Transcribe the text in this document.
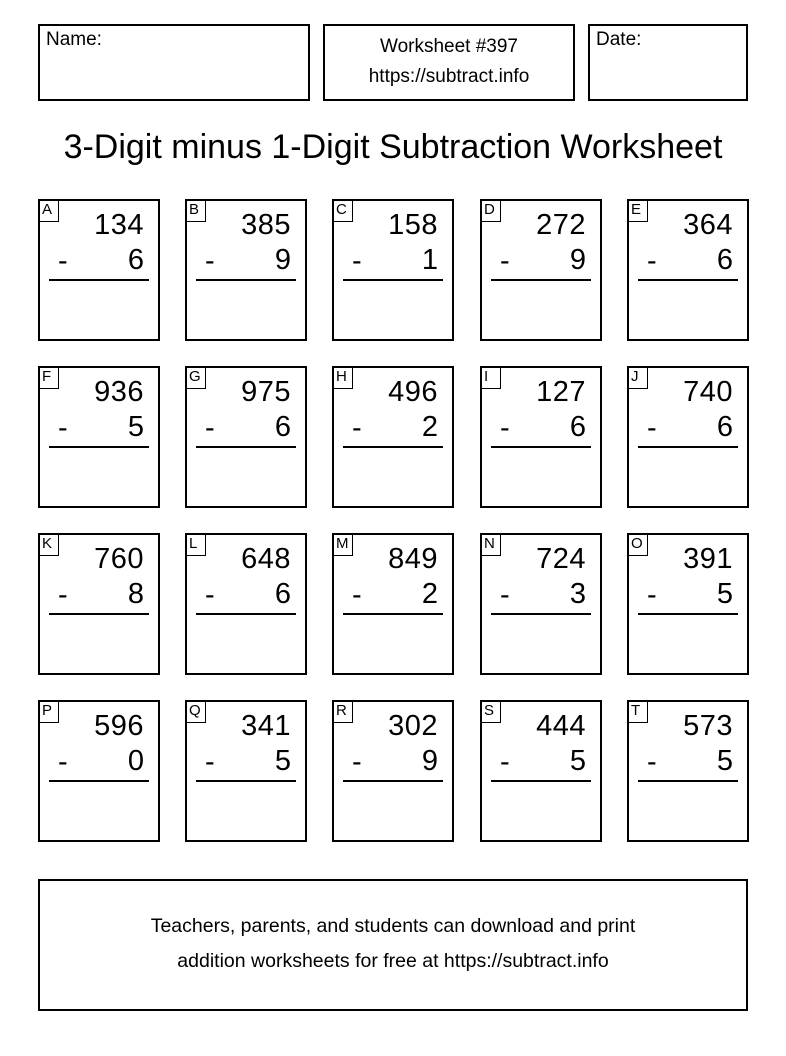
Name:	Worksheet #397
https://subtract.info
Date:
3-Digit minus 1-Digit Subtraction Worksheet
A 134
- 6
B 385
- 9
C 158
- 1
D 272
- 9
E 364
- 6
F 936
- 5
G 975
- 6
H 496
- 2
I	127
- 6
J	740
- 6
K 760
- 8
L 648
- 6
M 849
- 2
N 724
- 3
O 391
- 5
P 596
- 0
Q 341
- 5
R 302
- 9
S 444
- 5
T 573
- 5
Teachers, parents, and students can download and print
addition worksheets for free at https://subtract.info
